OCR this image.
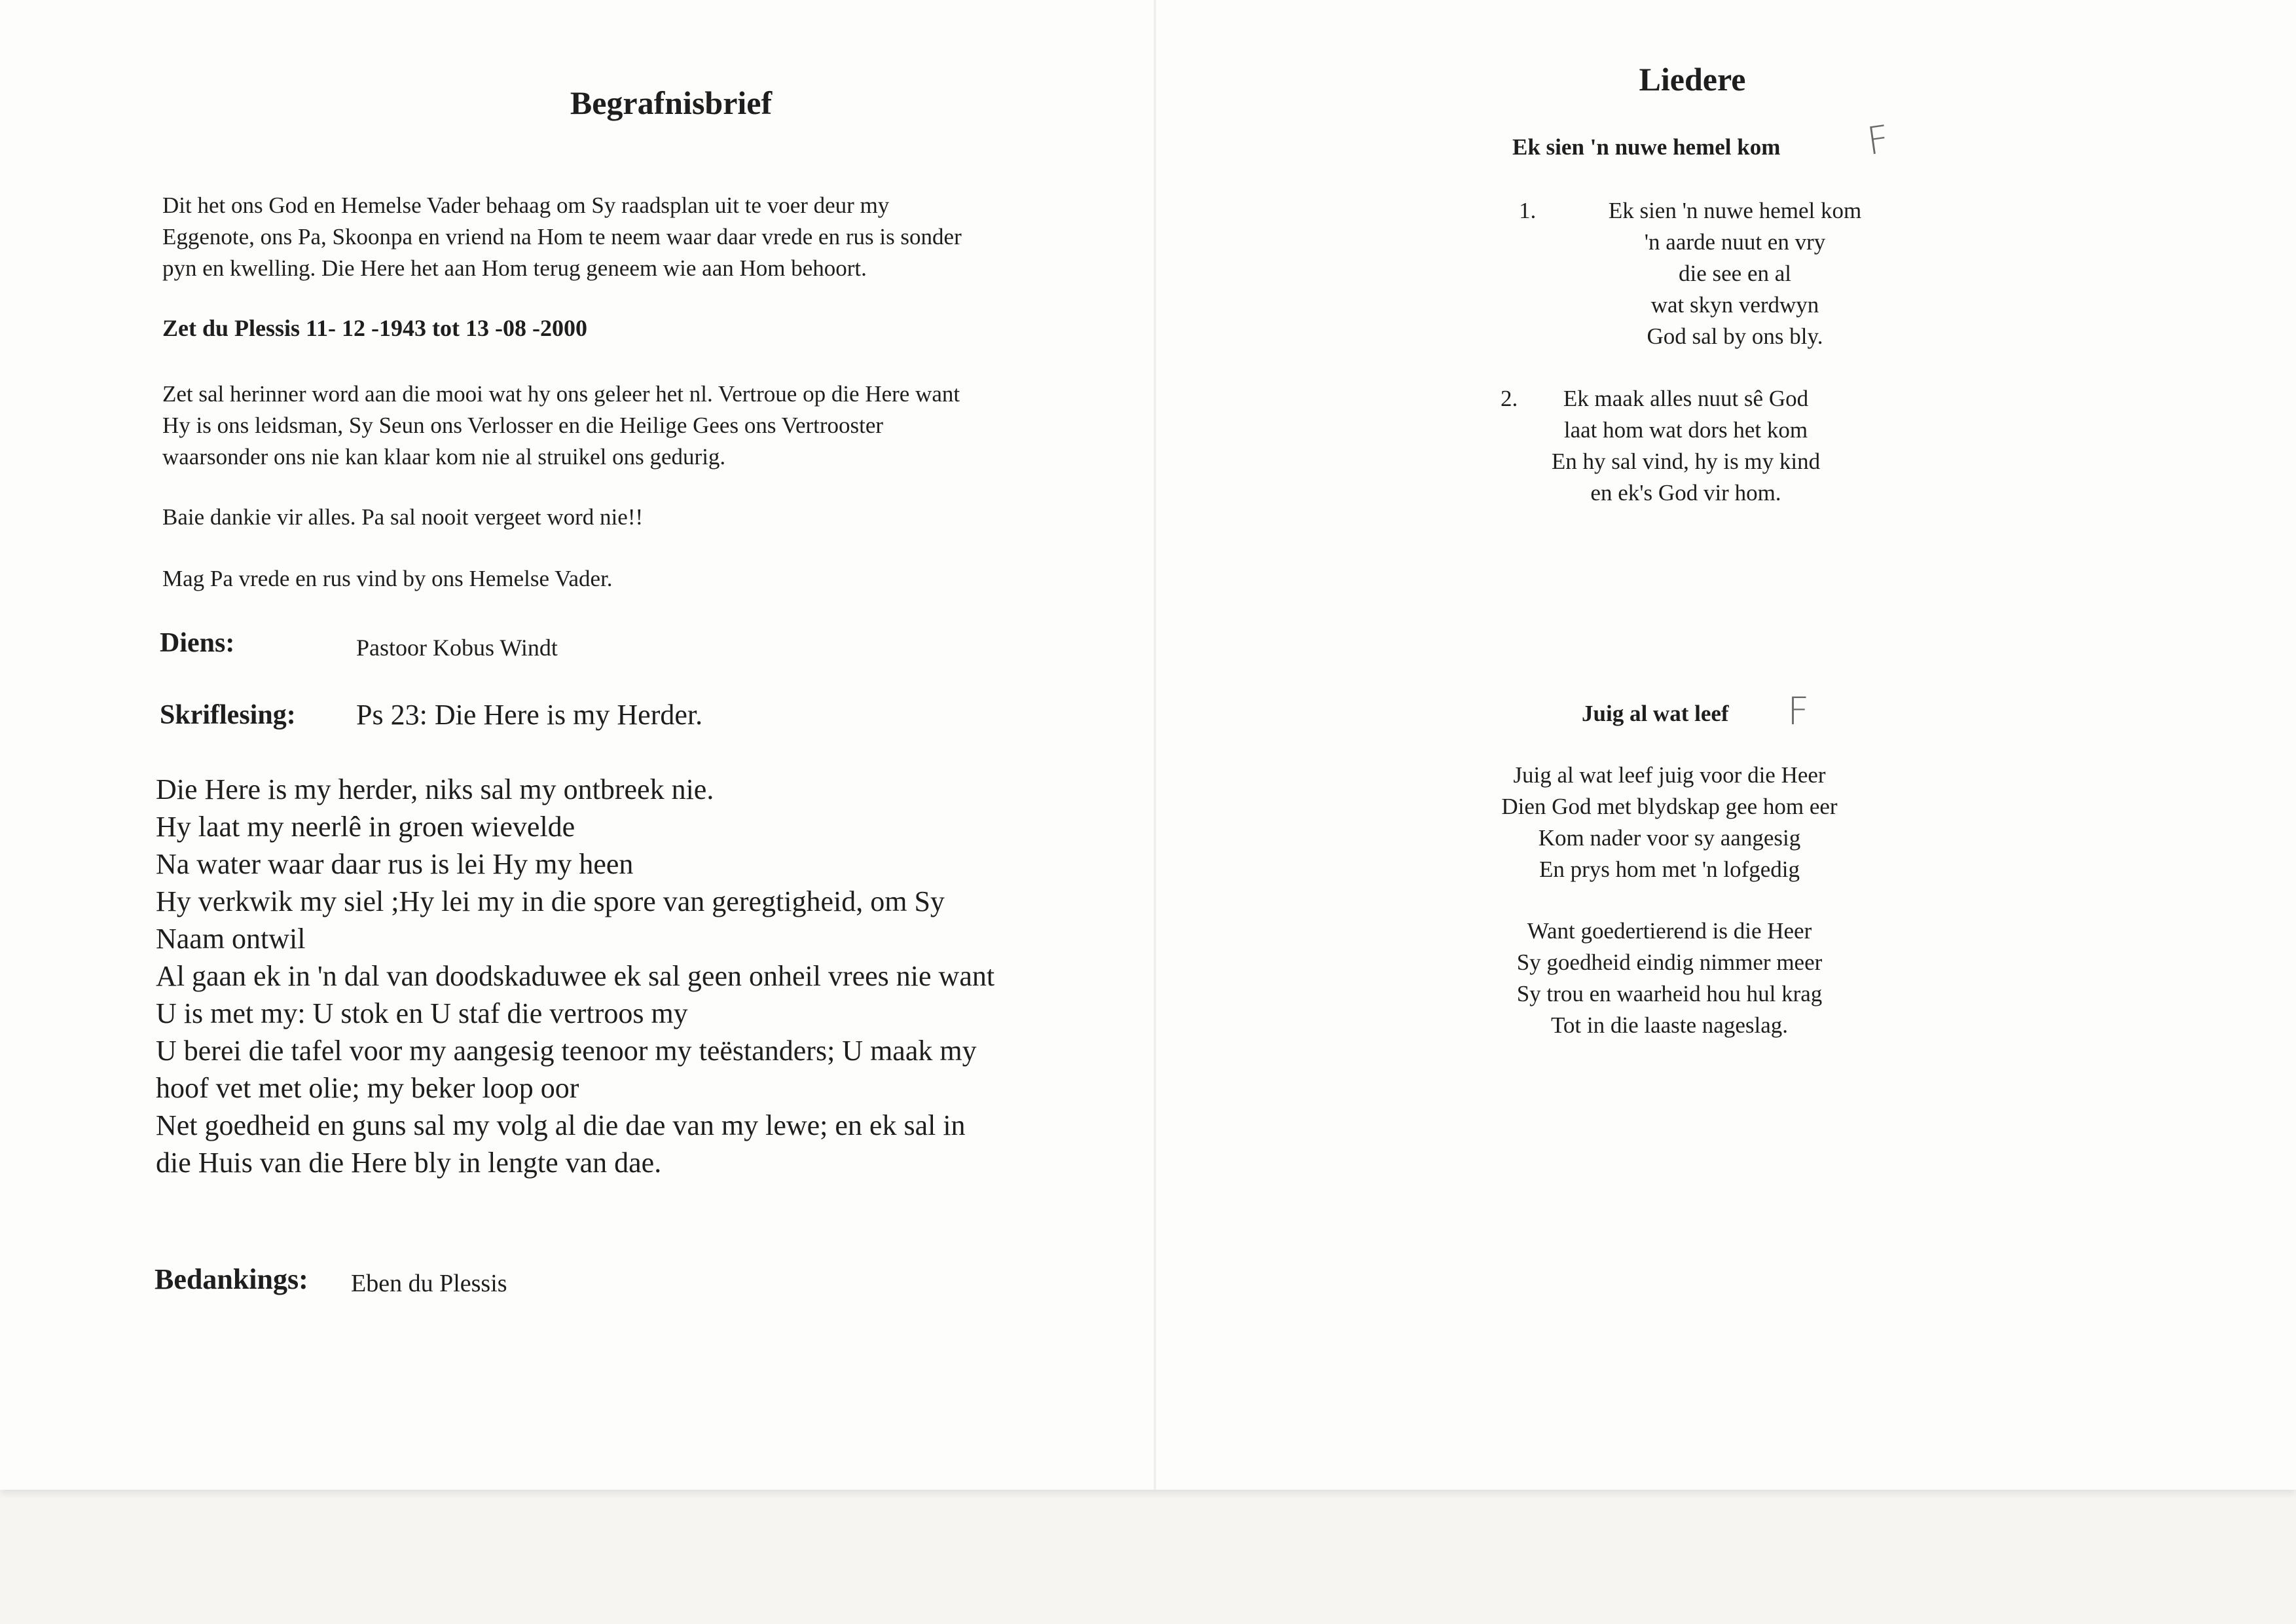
Begrafnisbrief

Dit het ons God en Hemelse Vader behaag om Sy raadsplan uit te voer deur my

Eggenote, ons Pa, Skoonpa en vriend na Hom te neem waar daar vrede en rus is sonder

pyn en kwelling. Die Here het aan Hom terug geneem wie aan Hom behoort.

Zet du Plessis 11- 12 -1943 tot 13 -08 -2000

Zet sal herinner word aan die mooi wat hy ons geleer het nl. Vertroue op die Here want

Hy is ons leidsman, Sy Seun ons Verlosser en die Heilige Gees ons Vertrooster

waarsonder ons nie kan klaar kom nie al struikel ons gedurig.

Baie dankie vir alles. Pa sal nooit vergeet word nie!!
Mag Pa vrede en rus vind by ons Hemelse Vader.
Diens:	Pastoor Kobus Windt
Skriflesing: Ps 23: Die Here is my Herder.
Die Here is my herder, niks sal my ontbreek nie.
Hy laat my neerlê in groen wievelde
Na water waar daar rus is lei Hy my heen
Hy verkwik my siel ;Hy lei my in die spore van geregtigheid, om Sy
Naam ontwil
Al gaan ek in 'n dal van doodskaduwee ek sal geen onheil vrees nie want
U is met my: U stok en U staf die vertroos my
U berei die tafel voor my aangesig teenoor my teëstanders; U maak my
hoof vet met olie; my beker loop oor
Net goedheid en guns sal my volg al die dae van my lewe; en ek sal in
die Huis van die Here bly in lengte van dae.
Bedankings: Eben du Plessis
Liedere
Ek sien 'n nuwe hemel kom F
1.	Ek sien 'n nuwe hemel kom

'n aarde nuut en vry

die see en al

wat skyn verdwyn

God sal by ons bly.

2.	Ek maak alles nuut sê God

laat hom wat dors het kom

En hy sal vind, hy is my kind

en ek's God vir hom.

Juig al wat leef F

Juig al wat leef juig voor die Heer

Dien God met blydskap gee hom eer

Kom nader voor sy aangesig

En prys hom met 'n lofgedig

Want goedertierend is die Heer

Sy goedheid eindig nimmer meer

Sy trou en waarheid hou hul krag

Tot in die laaste nageslag.
